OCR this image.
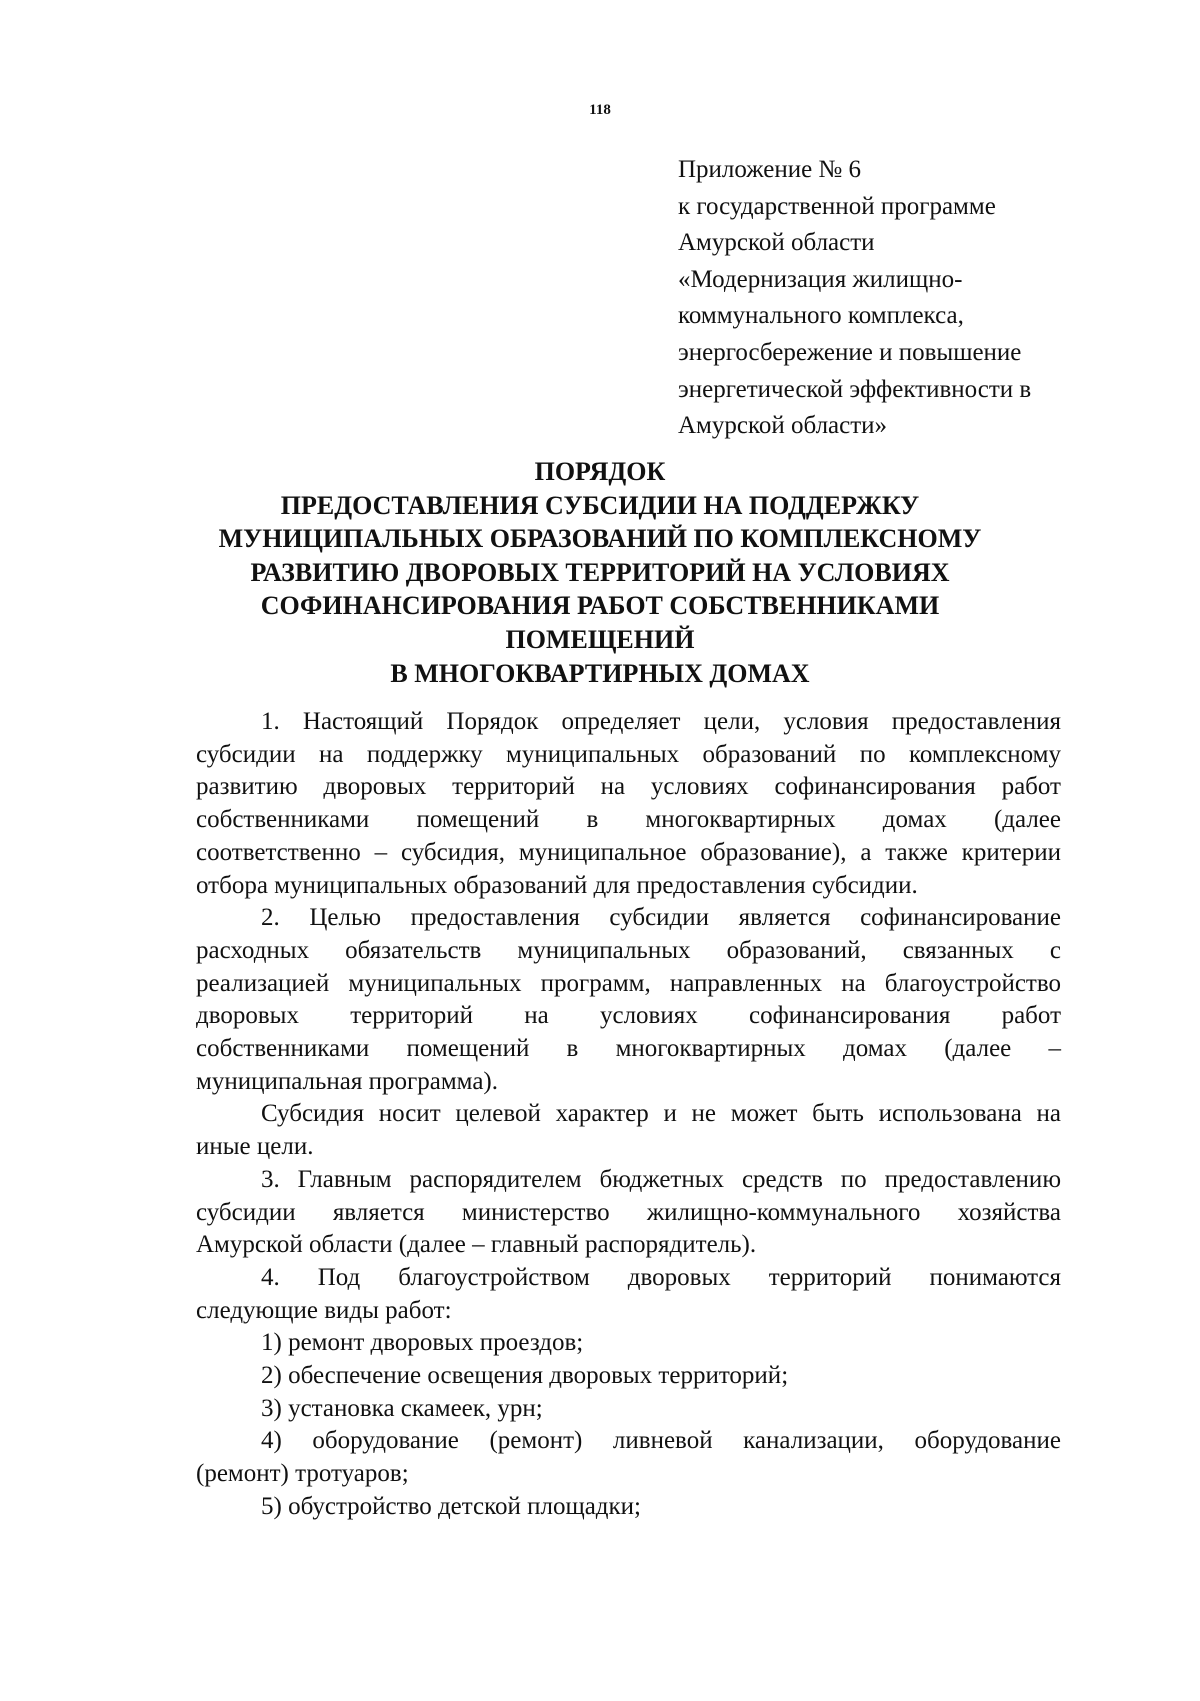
118
Приложение № 6
к государственной программе
Амурской области
«Модернизация жилищно-
коммунального комплекса,
энергосбережение и повышение
энергетической эффективности в
Амурской области»
ПОРЯДОК
ПРЕДОСТАВЛЕНИЯ СУБСИДИИ НА ПОДДЕРЖКУ
МУНИЦИПАЛЬНЫХ ОБРАЗОВАНИЙ ПО КОМПЛЕКСНОМУ
РАЗВИТИЮ ДВОРОВЫХ ТЕРРИТОРИЙ НА УСЛОВИЯХ
СОФИНАНСИРОВАНИЯ РАБОТ СОБСТВЕННИКАМИ
ПОМЕЩЕНИЙ
В МНОГОКВАРТИРНЫХ ДОМАХ
1. Настоящий Порядок определяет цели, условия предоставления
субсидии на поддержку муниципальных образований по комплексному
развитию дворовых территорий на условиях софинансирования работ
собственниками помещений в многоквартирных домах (далее
соответственно – субсидия, муниципальное образование), а также критерии
отбора муниципальных образований для предоставления субсидии.
2. Целью предоставления субсидии является софинансирование
расходных обязательств муниципальных образований, связанных с
реализацией муниципальных программ, направленных на благоустройство
дворовых территорий на условиях софинансирования работ
собственниками помещений в многоквартирных домах (далее –
муниципальная программа).
Субсидия носит целевой характер и не может быть использована на
иные цели.
3. Главным распорядителем бюджетных средств по предоставлению
субсидии является министерство жилищно-коммунального хозяйства
Амурской области (далее – главный распорядитель).
4. Под благоустройством дворовых территорий понимаются
следующие виды работ:
1) ремонт дворовых проездов;
2) обеспечение освещения дворовых территорий;
3) установка скамеек, урн;
4) оборудование (ремонт) ливневой канализации, оборудование
(ремонт) тротуаров;
5) обустройство детской площадки;
